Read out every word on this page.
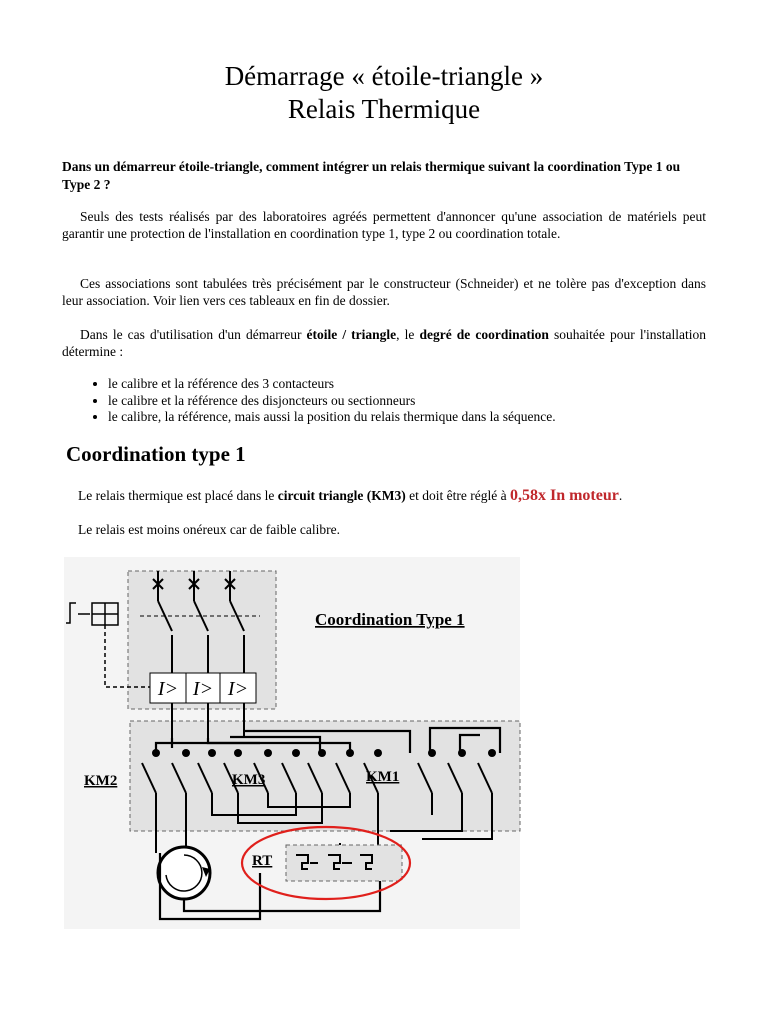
Démarrage « étoile-triangle »
Relais Thermique
Dans un démarreur étoile-triangle, comment intégrer un relais thermique suivant la coordination Type 1 ou Type 2 ?
Seuls des tests réalisés par des laboratoires agréés permettent d'annoncer qu'une association de matériels peut garantir une protection de l'installation en coordination type 1, type 2 ou coordination totale.
Ces associations sont tabulées très précisément par le constructeur (Schneider) et ne tolère pas d'exception dans leur association. Voir lien vers ces tableaux en fin de dossier.
Dans le cas d'utilisation d'un démarreur étoile / triangle, le degré de coordination souhaitée pour l'installation détermine :
• le calibre et la référence des 3 contacteurs
• le calibre et la référence des disjoncteurs ou sectionneurs
• le calibre, la référence, mais aussi la position du relais thermique dans la séquence.
Coordination type 1
Le relais thermique est placé dans le circuit triangle (KM3) et doit être réglé à 0,58x In moteur.
Le relais est moins onéreux car de faible calibre.
I> I> I>
Coordination Type 1
KM2	KM3	KM1
RT
